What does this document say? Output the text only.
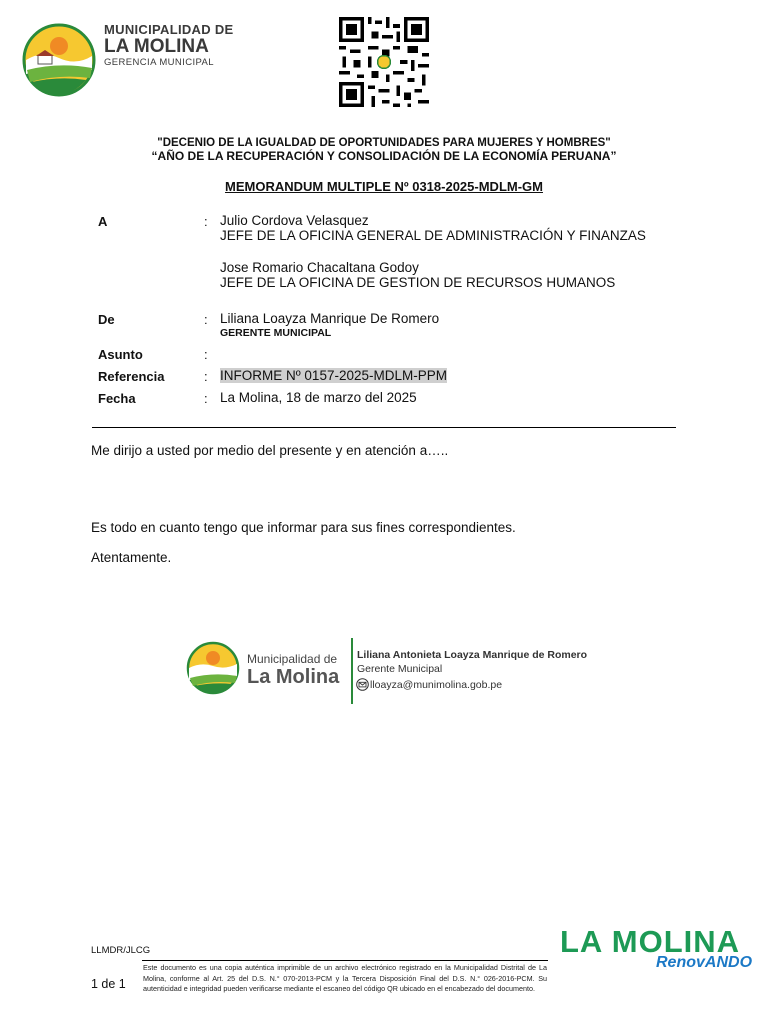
MUNICIPALIDAD DE
LA MOLINA
GERENCIA MUNICIPAL
"DECENIO DE LA IGUALDAD DE OPORTUNIDADES PARA MUJERES Y HOMBRES"
“AÑO DE LA RECUPERACIÓN Y CONSOLIDACIÓN DE LA ECONOMÍA PERUANA”
MEMORANDUM MULTIPLE Nº 0318-2025-MDLM-GM
A	: Julio Cordova Velasquez
JEFE DE LA OFICINA GENERAL DE ADMINISTRACIÓN Y FINANZAS
Jose Romario Chacaltana Godoy
JEFE DE LA OFICINA DE GESTION DE RECURSOS HUMANOS
De	: Liliana Loayza Manrique De Romero
GERENTE MUNICIPAL
Asunto	:
Referencia	: INFORME Nº 0157-2025-MDLM-PPM
Fecha	: La Molina, 18 de marzo del 2025
Me dirijo a usted por medio del presente y en atención a…..
Es todo en cuanto tengo que informar para sus fines correspondientes.
Atentamente.
Municipalidad de
La Molina
Liliana Antonieta Loayza Manrique de Romero
Gerente Municipal
lloayza@munimolina.gob.pe
LLMDR/JLCG
1 de 1
Este documento es una copia auténtica imprimible de un archivo electrónico registrado en la Municipalidad Distrital de La Molina, conforme al Art. 25 del D.S. N.° 070-2013-PCM y la Tercera Disposición Final del D.S. N.° 026-2016-PCM. Su autenticidad e integridad pueden verificarse mediante el escaneo del código QR ubicado en el encabezado del documento.
LA MOLINA
RenovANDO
